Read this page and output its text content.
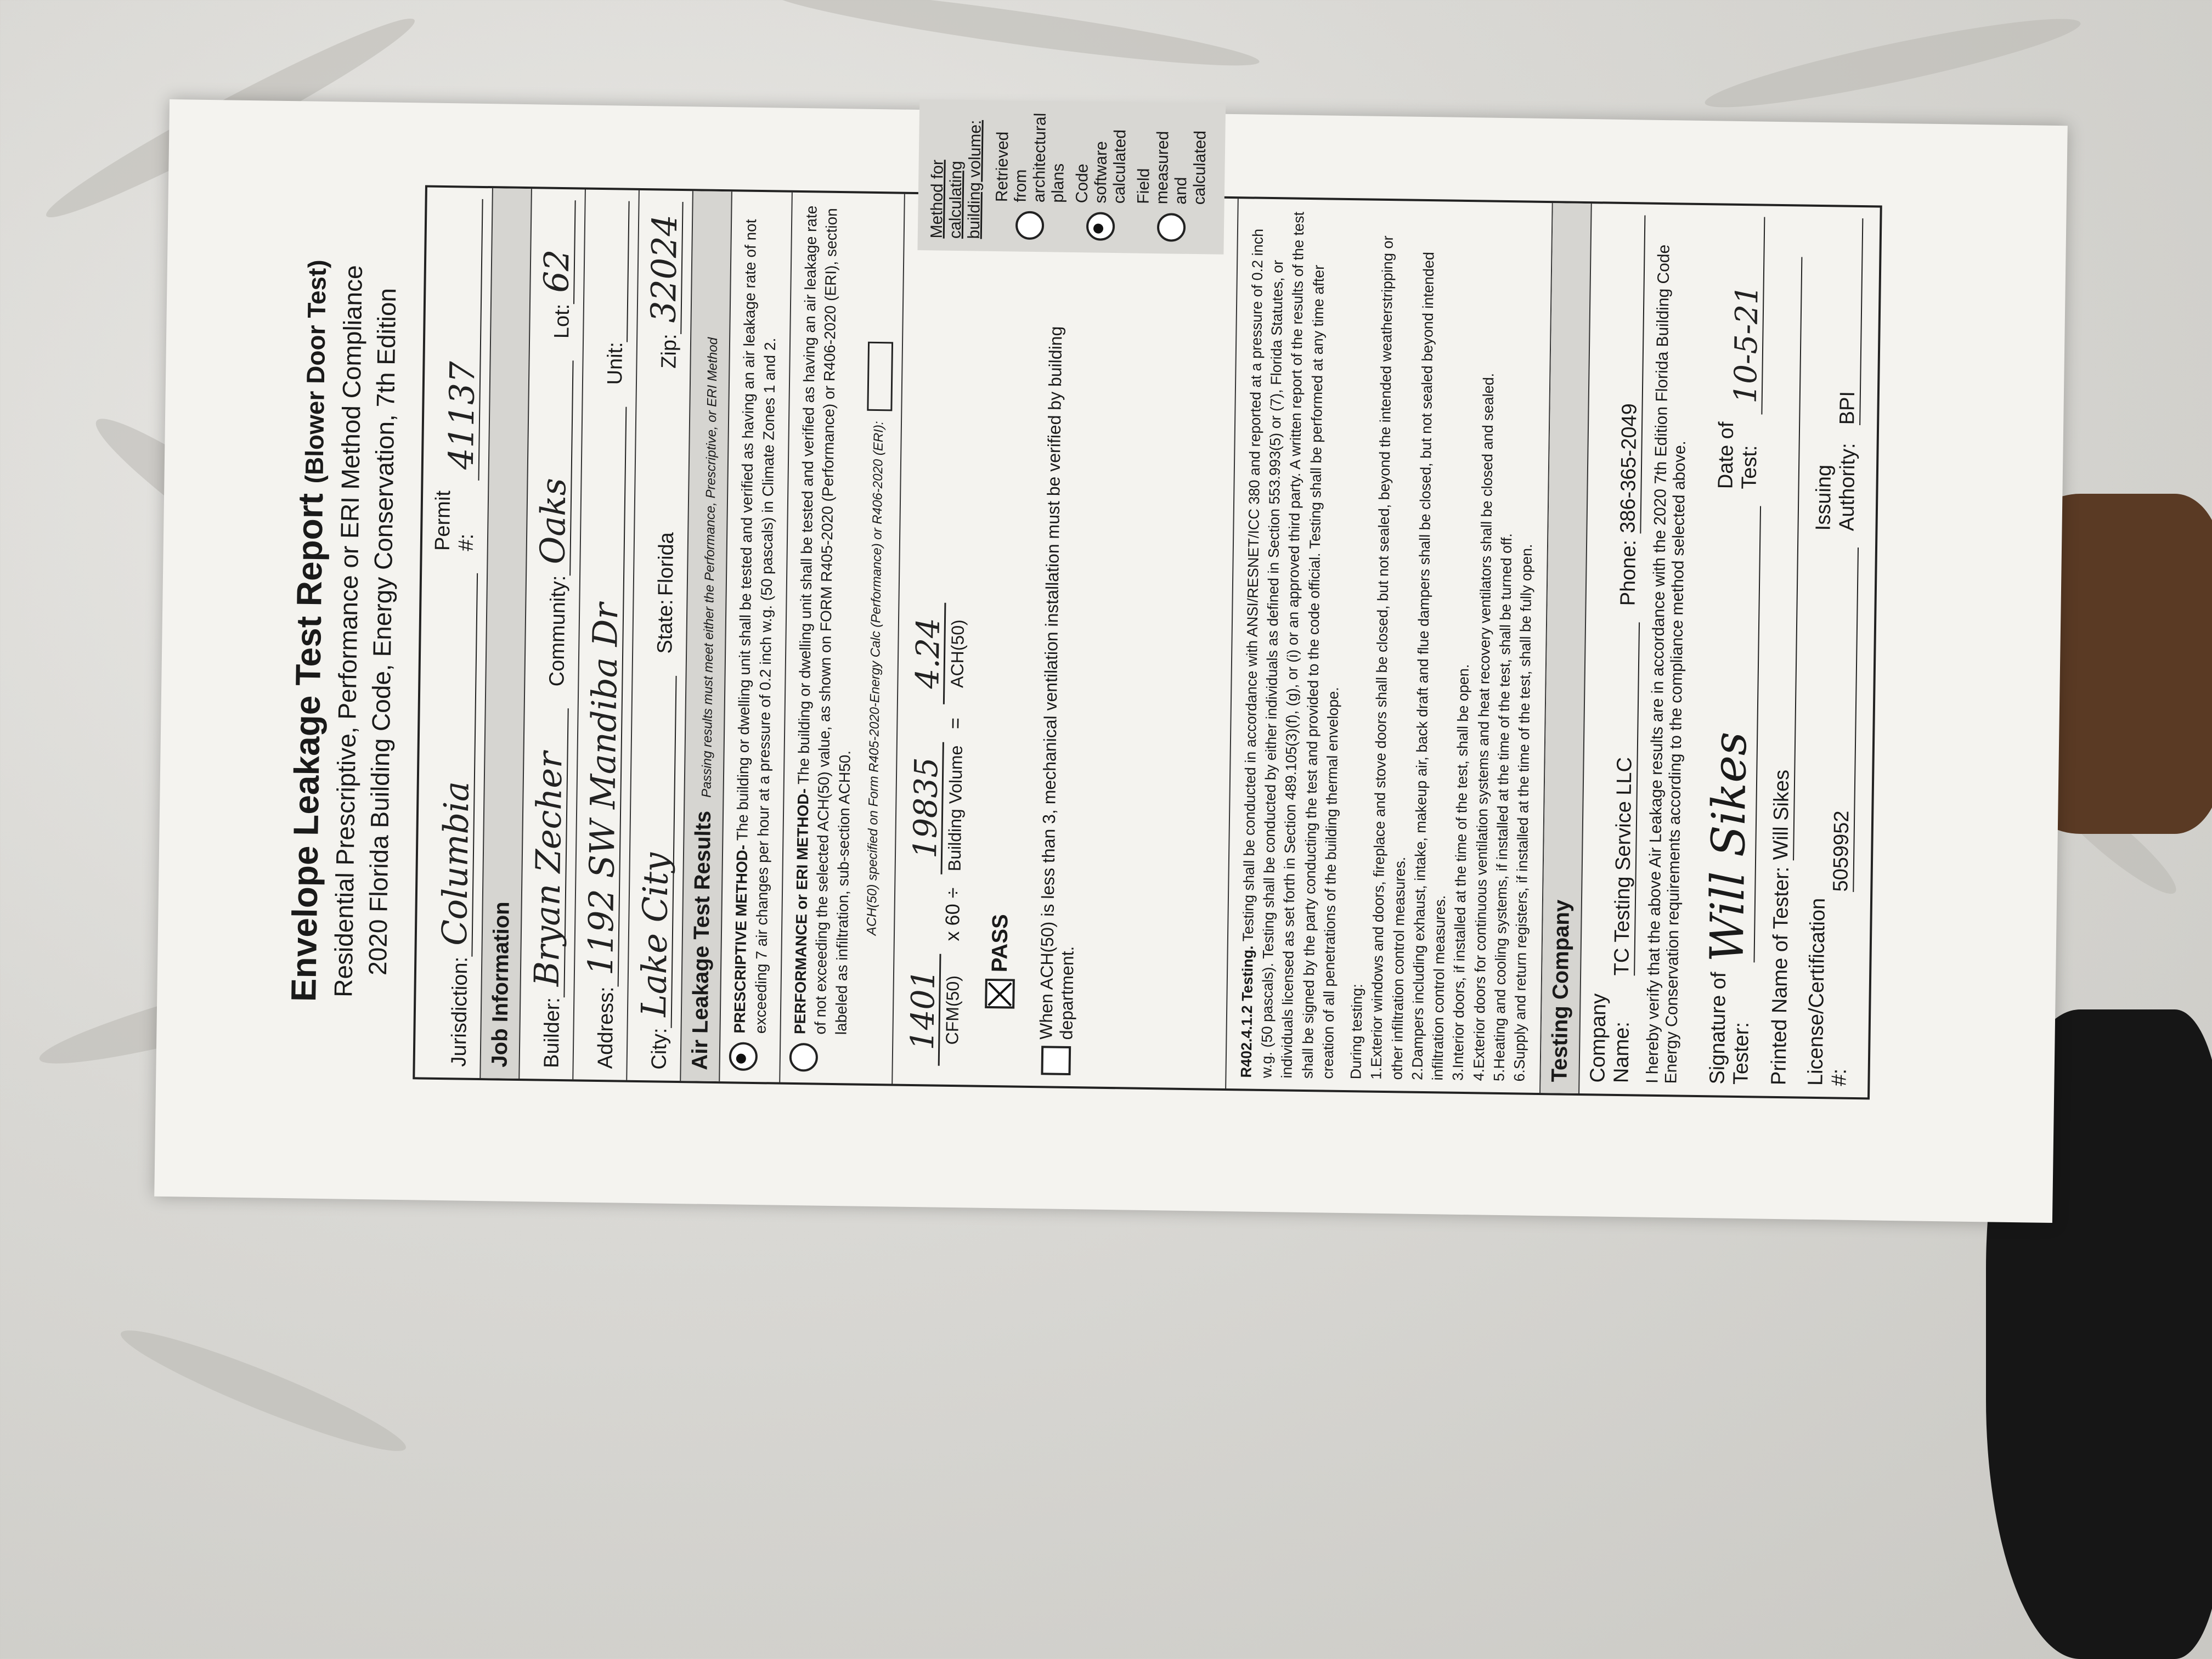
Envelope Leakage Test Report (Blower Door Test)
Residential Prescriptive, Performance or ERI Method Compliance
2020 Florida Building Code, Energy Conservation, 7th Edition
Jurisdiction:
Columbia
Permit #:
41137
Job Information	Builder:
Bryan Zecher
Community:
Oaks
Lot:
62
Address:
1192 SW Mandiba Dr
Unit:
City:
Lake City
State:
Florida
Zip:
32024
Air Leakage Test ResultsPassing results must meet either the Performance, Prescriptive, or ERI Method
PRESCRIPTIVE METHOD- The building or dwelling unit shall be tested and verified as having an air leakage rate of not exceeding 7 air changes per hour at a pressure of 0.2 inch w.g. (50 pascals) in Climate Zones 1 and 2. PERFORMANCE or ERI METHOD- The building or dwelling unit shall be tested and verified as having an air leakage rate of not exceeding the selected ACH(50) value, as shown on FORM R405-2020 (Performance) or R406-2020 (ERI), section labeled as infiltration, sub-section ACH50. ACH(50) specified on Form R405-2020-Energy Calc (Performance) or R406-2020 (ERI):
1401 CFM(50)
x 60 ÷
19835 Building Volume
=
4.24 ACH(50)
PASS When ACH(50) is less than 3, mechanical ventilation installation must be verified by building department.
Method for calculating building volume: Retrieved from architectural plans Code software calculated Field measured and calculated
R402.4.1.2 Testing. Testing shall be conducted in accordance with ANSI/RESNET/ICC 380 and reported at a pressure of 0.2 inch w.g. (50 pascals). Testing shall be conducted by either individuals as defined in Section 553.993(5) or (7), Florida Statutes, or individuals licensed as set forth in Section 489.105(3)(f), (g), or (i) or an approved third party. A written report of the results of the test shall be signed by the party conducting the test and provided to the code official. Testing shall be performed at any time after creation of all penetrations of the building thermal envelope. During testing: 1.Exterior windows and doors, fireplace and stove doors shall be closed, but not sealed, beyond the intended weatherstripping or other infiltration control measures. 2.Dampers including exhaust, intake, makeup air, back draft and flue dampers shall be closed, but not sealed beyond intended infiltration control measures. 3.Interior doors, if installed at the time of the test, shall be open.
4.Exterior doors for continuous ventilation systems and heat recovery ventilators shall be closed and sealed.
5.Heating and cooling systems, if installed at the time of the test, shall be turned off.
6.Supply and return registers, if installed at the time of the test, shall be fully open. Testing Company Company Name:
TC Testing Service LLC
Phone:
386-365-2049 I hereby verify that the above Air Leakage results are in accordance with the 2020 7th Edition Florida Building Code Energy Conservation requirements according to the compliance method selected above. Signature of Tester:
Will Sikes
Date of Test:
10-5-21
Printed Name of Tester:
Will Sikes
License/Certification #:
5059952
Issuing Authority:
BPI
